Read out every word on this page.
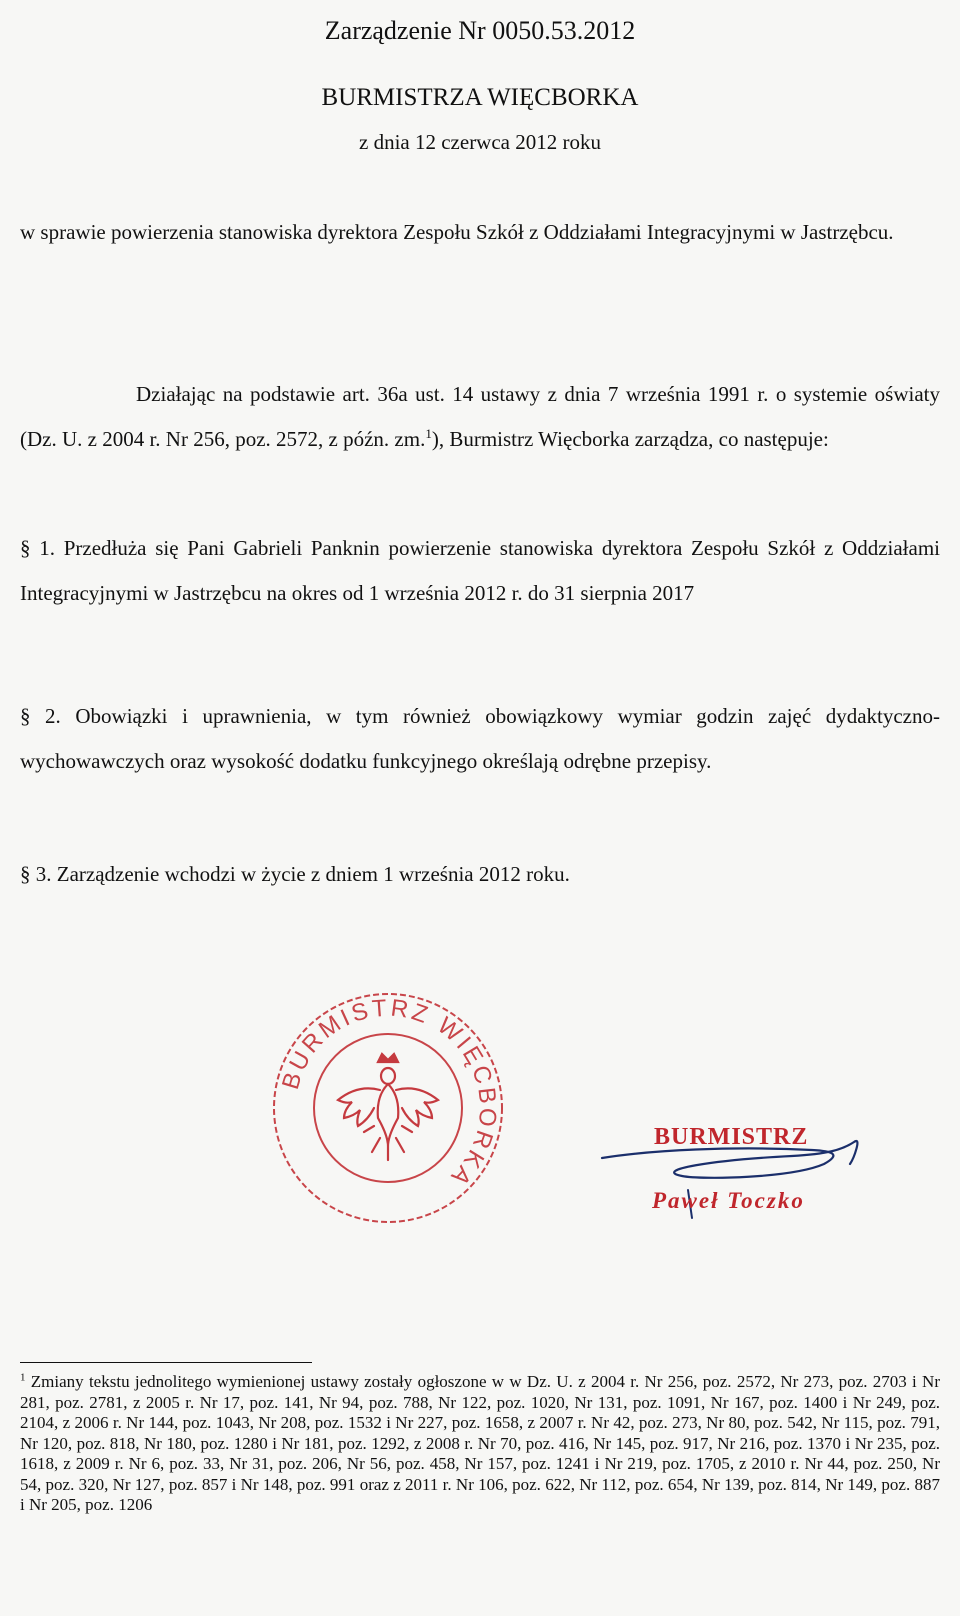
Zarządzenie Nr 0050.53.2012
BURMISTRZA WIĘCBORKA
z dnia 12 czerwca 2012 roku
w sprawie powierzenia stanowiska dyrektora Zespołu Szkół z Oddziałami Integracyjnymi w Jastrzębcu.
Działając na podstawie art. 36a ust. 14 ustawy z dnia 7 września 1991 r. o systemie oświaty (Dz. U. z 2004 r. Nr 256, poz. 2572, z późn. zm.$^1$), Burmistrz Więcborka zarządza, co następuje:
§ 1. Przedłuża się Pani Gabrieli Panknin powierzenie stanowiska dyrektora Zespołu Szkół z Oddziałami Integracyjnymi w Jastrzębcu na okres od 1 września 2012 r. do 31 sierpnia 2017
§ 2. Obowiązki i uprawnienia, w tym również obowiązkowy wymiar godzin zajęć dydaktyczno-wychowawczych oraz wysokość dodatku funkcyjnego określają odrębne przepisy.
§ 3. Zarządzenie wchodzi w życie z dniem 1 września 2012 roku.
BURMISTRZ WIĘCBORKA
BURMISTRZ
Paweł Toczko
$^1$ Zmiany tekstu jednolitego wymienionej ustawy zostały ogłoszone w w Dz. U. z 2004 r. Nr 256, poz. 2572, Nr 273, poz. 2703 i Nr 281, poz. 2781, z 2005 r. Nr 17, poz. 141, Nr 94, poz. 788, Nr 122, poz. 1020, Nr 131, poz. 1091, Nr 167, poz. 1400 i Nr 249, poz. 2104, z 2006 r. Nr 144, poz. 1043, Nr 208, poz. 1532 i Nr 227, poz. 1658, z 2007 r. Nr 42, poz. 273, Nr 80, poz. 542, Nr 115, poz. 791, Nr 120, poz. 818, Nr 180, poz. 1280 i Nr 181, poz. 1292, z 2008 r. Nr 70, poz. 416, Nr 145, poz. 917, Nr 216, poz. 1370 i Nr 235, poz. 1618, z 2009 r. Nr 6, poz. 33, Nr 31, poz. 206, Nr 56, poz. 458, Nr 157, poz. 1241 i Nr 219, poz. 1705, z 2010 r. Nr 44, poz. 250, Nr 54, poz. 320, Nr 127, poz. 857 i Nr 148, poz. 991 oraz z 2011 r. Nr 106, poz. 622, Nr 112, poz. 654, Nr 139, poz. 814, Nr 149, poz. 887 i Nr 205, poz. 1206
